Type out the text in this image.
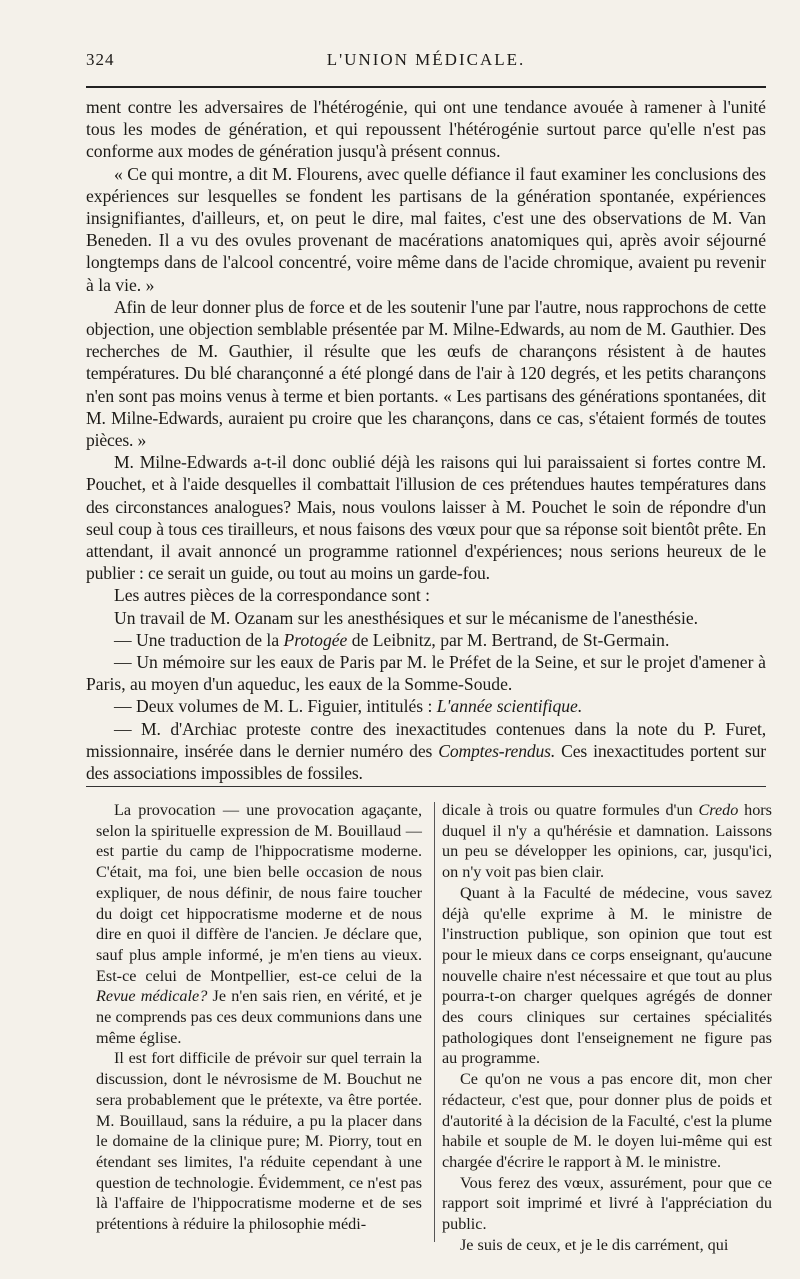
324	L'UNION MÉDICALE.

ment contre les adversaires de l'hétérogénie, qui ont une tendance avouée à ramener à l'unité tous les modes de génération, et qui repoussent l'hétérogénie surtout parce qu'elle n'est pas conforme aux modes de génération jusqu'à présent connus.

« Ce qui montre, a dit M. Flourens, avec quelle défiance il faut examiner les conclusions des expériences sur lesquelles se fondent les partisans de la génération spontanée, expériences insignifiantes, d'ailleurs, et, on peut le dire, mal faites, c'est une des observations de M. Van Beneden. Il a vu des ovules provenant de macérations anatomiques qui, après avoir séjourné longtemps dans de l'alcool concentré, voire même dans de l'acide chromique, avaient pu revenir à la vie. »

Afin de leur donner plus de force et de les soutenir l'une par l'autre, nous rapprochons de cette objection, une objection semblable présentée par M. Milne-Edwards, au nom de M. Gauthier. Des recherches de M. Gauthier, il résulte que les œufs de charançons résistent à de hautes températures. Du blé charançonné a été plongé dans de l'air à 120 degrés, et les petits charançons n'en sont pas moins venus à terme et bien portants. « Les partisans des générations spontanées, dit M. Milne-Edwards, auraient pu croire que les charançons, dans ce cas, s'étaient formés de toutes pièces. »

M. Milne-Edwards a-t-il donc oublié déjà les raisons qui lui paraissaient si fortes contre M. Pouchet, et à l'aide desquelles il combattait l'illusion de ces prétendues hautes températures dans des circonstances analogues? Mais, nous voulons laisser à M. Pouchet le soin de répondre d'un seul coup à tous ces tirailleurs, et nous faisons des vœux pour que sa réponse soit bientôt prête. En attendant, il avait annoncé un programme rationnel d'expériences; nous serions heureux de le publier : ce serait un guide, ou tout au moins un garde-fou.

Les autres pièces de la correspondance sont :

Un travail de M. Ozanam sur les anesthésiques et sur le mécanisme de l'anesthésie.

— Une traduction de la Protogée de Leibnitz, par M. Bertrand, de St-Germain.

— Un mémoire sur les eaux de Paris par M. le Préfet de la Seine, et sur le projet d'amener à Paris, au moyen d'un aqueduc, les eaux de la Somme-Soude.

— Deux volumes de M. L. Figuier, intitulés : L'année scientifique.

— M. d'Archiac proteste contre des inexactitudes contenues dans la note du P. Furet, missionnaire, insérée dans le dernier numéro des Comptes-rendus. Ces inexactitudes portent sur des associations impossibles de fossiles.

La provocation — une provocation agaçante, selon la spirituelle expression de M. Bouillaud — est partie du camp de l'hippocratisme moderne. C'était, ma foi, une bien belle occasion de nous expliquer, de nous définir, de nous faire toucher du doigt cet hippocratisme moderne et de nous dire en quoi il diffère de l'ancien. Je déclare que, sauf plus ample informé, je m'en tiens au vieux. Est-ce celui de Montpellier, est-ce celui de la Revue médicale? Je n'en sais rien, en vérité, et je ne comprends pas ces deux communions dans une même église.

Il est fort difficile de prévoir sur quel terrain la discussion, dont le névrosisme de M. Bouchut ne sera probablement que le prétexte, va être portée. M. Bouillaud, sans la réduire, a pu la placer dans le domaine de la clinique pure; M. Piorry, tout en étendant ses limites, l'a réduite cependant à une question de technologie. Évidemment, ce n'est pas là l'affaire de l'hippocratisme moderne et de ses prétentions à réduire la philosophie médi-

dicale à trois ou quatre formules d'un Credo hors duquel il n'y a qu'hérésie et damnation. Laissons un peu se développer les opinions, car, jusqu'ici, on n'y voit pas bien clair.

Quant à la Faculté de médecine, vous savez déjà qu'elle exprime à M. le ministre de l'instruction publique, son opinion que tout est pour le mieux dans ce corps enseignant, qu'aucune nouvelle chaire n'est nécessaire et que tout au plus pourra-t-on charger quelques agrégés de donner des cours cliniques sur certaines spécialités pathologiques dont l'enseignement ne figure pas au programme.

Ce qu'on ne vous a pas encore dit, mon cher rédacteur, c'est que, pour donner plus de poids et d'autorité à la décision de la Faculté, c'est la plume habile et souple de M. le doyen lui-même qui est chargée d'écrire le rapport à M. le ministre.

Vous ferez des vœux, assurément, pour que ce rapport soit imprimé et livré à l'appréciation du public.

Je suis de ceux, et je le dis carrément, qui
